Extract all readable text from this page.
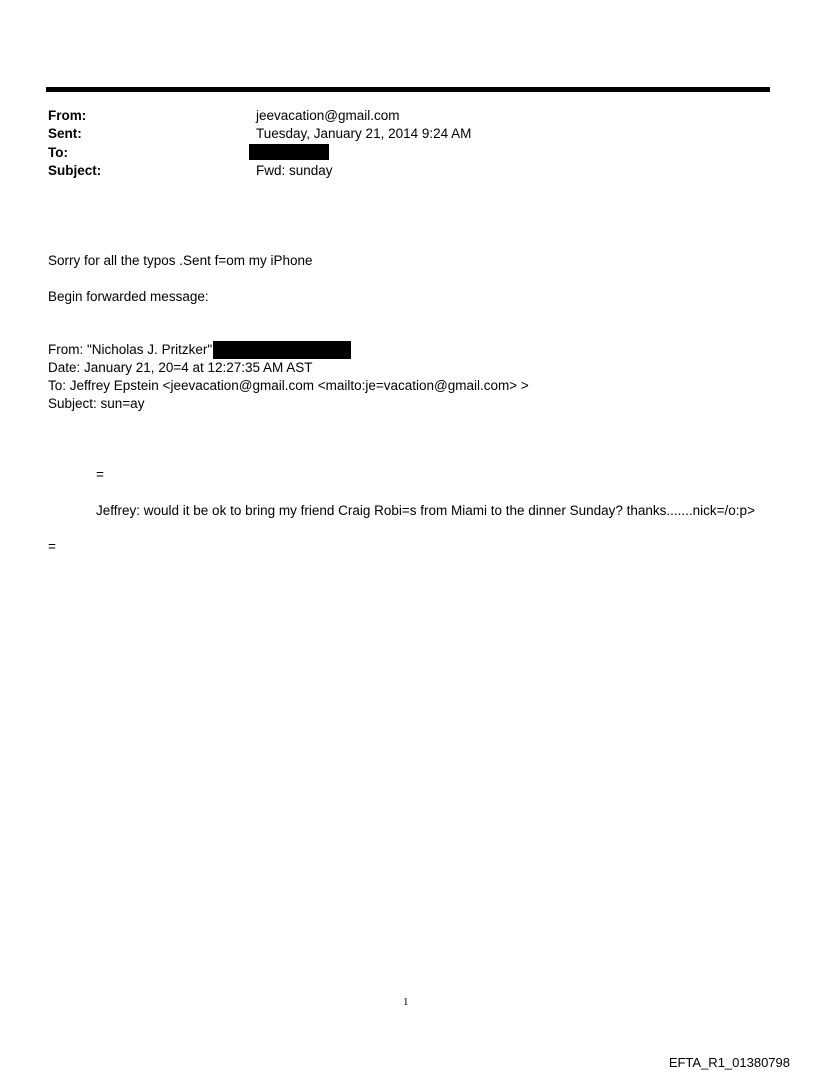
From:	jeevacation@gmail.com
Sent:	Tuesday, January 21, 2014 9:24 AM
To:
Subject:	Fwd: sunday
Sorry for all the typos .Sent f=om my iPhone
Begin forwarded message:
From: "Nicholas J. Pritzker"
Date: January 21, 20=4 at 12:27:35 AM AST
To: Jeffrey Epstein <jeevacation@gmail.com <mailto:je=vacation@gmail.com> >
Subject: sun=ay
=
Jeffrey: would it be ok to bring my friend Craig Robi=s from Miami to the dinner Sunday? thanks.......nick=/o:p>
=
1
EFTA_R1_01380798
